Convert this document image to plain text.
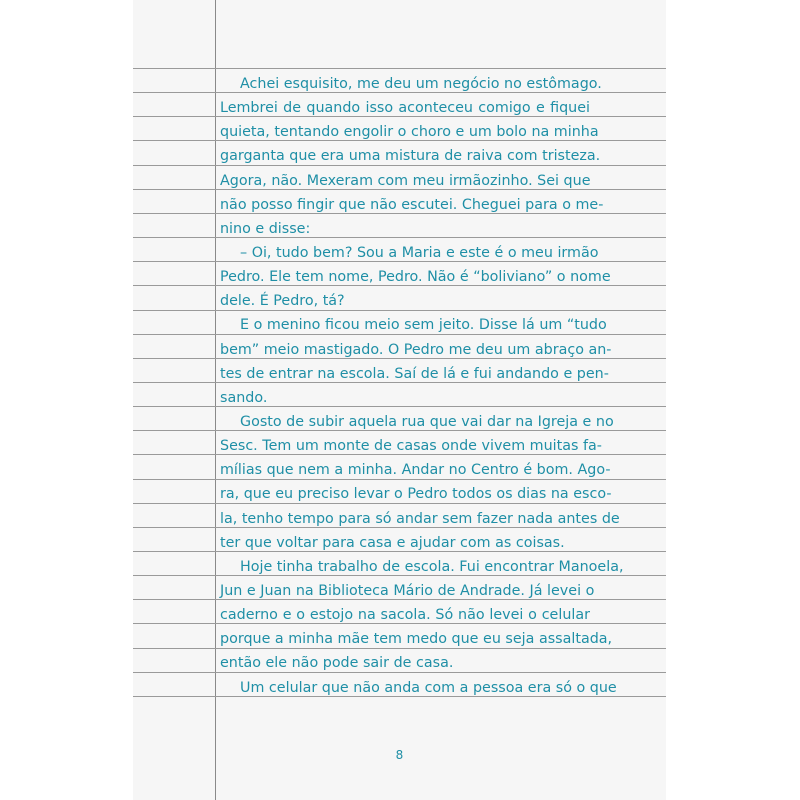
Achei esquisito, me deu um negócio no estômago.
Lembrei de quando isso aconteceu comigo e fiquei
quieta, tentando engolir o choro e um bolo na minha
garganta que era uma mistura de raiva com tristeza.
Agora, não. Mexeram com meu irmãozinho. Sei que
não posso fingir que não escutei. Cheguei para o me-
nino e disse:
– Oi, tudo bem? Sou a Maria e este é o meu irmão
Pedro. Ele tem nome, Pedro. Não é “boliviano” o nome
dele. É Pedro, tá?
E o menino ficou meio sem jeito. Disse lá um “tudo
bem” meio mastigado. O Pedro me deu um abraço an-
tes de entrar na escola. Saí de lá e fui andando e pen-
sando.
Gosto de subir aquela rua que vai dar na Igreja e no
Sesc. Tem um monte de casas onde vivem muitas fa-
mílias que nem a minha. Andar no Centro é bom. Ago-
ra, que eu preciso levar o Pedro todos os dias na esco-
la, tenho tempo para só andar sem fazer nada antes de
ter que voltar para casa e ajudar com as coisas.
Hoje tinha trabalho de escola. Fui encontrar Manoela,
Jun e Juan na Biblioteca Mário de Andrade. Já levei o
caderno e o estojo na sacola. Só não levei o celular
porque a minha mãe tem medo que eu seja assaltada,
então ele não pode sair de casa.
Um celular que não anda com a pessoa era só o que
8
